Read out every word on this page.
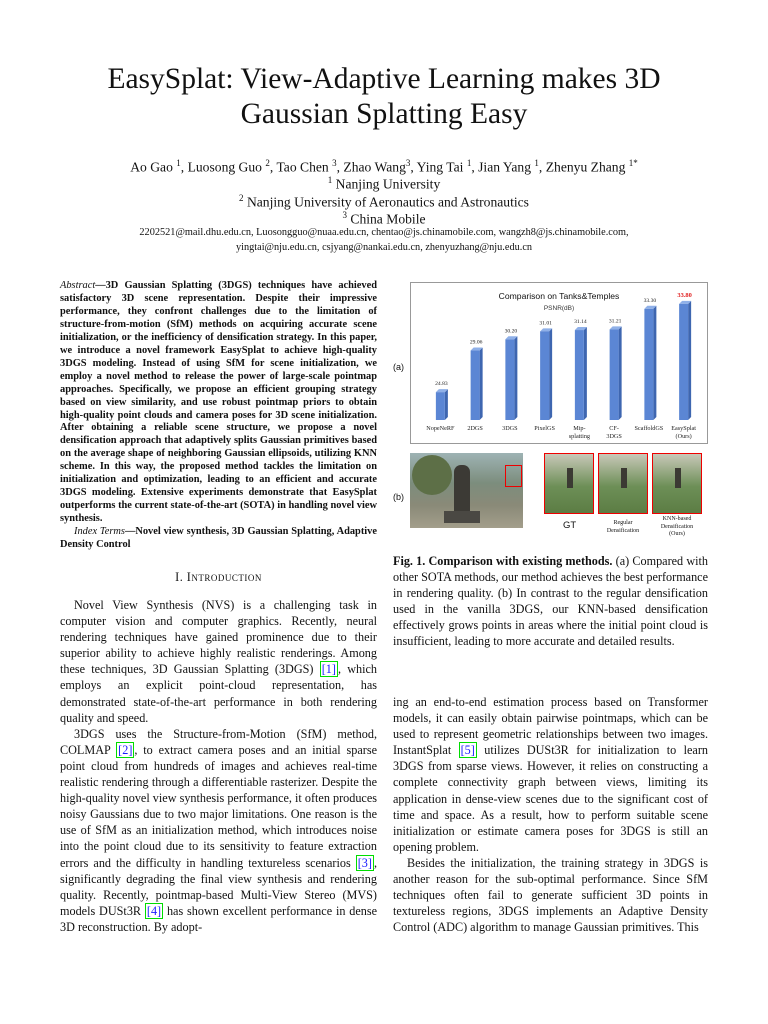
EasySplat: View-Adaptive Learning makes 3D
Gaussian Splatting Easy
Ao Gao $^1$, Luosong Guo $^2$, Tao Chen $^3$, Zhao Wang$^3$, Ying Tai $^1$, Jian Yang $^1$, Zhenyu Zhang $^{1*}$
$^1$ Nanjing University
$^2$ Nanjing University of Aeronautics and Astronautics
$^3$ China Mobile
2202521@mail.dhu.edu.cn, Luosongguo@nuaa.edu.cn, chentao@js.chinamobile.com, wangzh8@js.chinamobile.com,
yingtai@nju.edu.cn, csjyang@nankai.edu.cn, zhenyuzhang@nju.edu.cn

Abstract—3D Gaussian Splatting (3DGS) techniques have achieved satisfactory 3D scene representation. Despite their impressive performance, they confront challenges due to the limitation of structure-from-motion (SfM) methods on acquiring accurate scene initialization, or the inefficiency of densification strategy. In this paper, we introduce a novel framework EasySplat to achieve high-quality 3DGS modeling. Instead of using SfM for scene initialization, we employ a novel method to release the power of large-scale pointmap approaches. Specifically, we propose an efficient grouping strategy based on view similarity, and use robust pointmap priors to obtain high-quality point clouds and camera poses for 3D scene initialization. After obtaining a reliable scene structure, we propose a novel densification approach that adaptively splits Gaussian primitives based on the average shape of neighboring Gaussian ellipsoids, utilizing KNN scheme. In this way, the proposed method tackles the limitation on initialization and optimization, leading to an efficient and accurate 3DGS modeling. Extensive experiments demonstrate that EasySplat outperforms the current state-of-the-art (SOTA) in handling novel view synthesis.

Index Terms—Novel view synthesis, 3D Gaussian Splatting, Adaptive Density Control

I. Introduction

Novel View Synthesis (NVS) is a challenging task in computer vision and computer graphics. Recently, neural rendering techniques have gained prominence due to their superior ability to achieve highly realistic renderings. Among these techniques, 3D Gaussian Splatting (3DGS) [1] , which employs an explicit point-cloud representation, has demonstrated state-of-the-art performance in both rendering quality and speed.

3DGS uses the Structure-from-Motion (SfM) method, COLMAP [2] , to extract camera poses and an initial sparse point cloud from hundreds of images and achieves real-time realistic rendering through a differentiable rasterizer. Despite the high-quality novel view synthesis performance, it often produces noisy Gaussians due to two major limitations. One reason is the use of SfM as an initialization method, which introduces noise into the point cloud due to its sensitivity to feature extraction errors and the difficulty in handling textureless scenarios [3] , significantly degrading the final view synthesis and rendering quality. Recently, pointmap-based Multi-View Stereo (MVS) models DUSt3R [4] has shown excellent performance in dense 3D reconstruction. By adopt-

(a)
Comparison on Tanks&Temples
PSNR(dB)
24.83
NopeNeRF
29.06
2DGS
30.20
3DGS
31.01
PixelGS
31.14
Mip-
splatting
31.21
CF-
3DGS
33.30
ScaffoldGS
33.80
EasySplat
(Ours)
(b)
GT	Regular
Densification
KNN-based
Densification
(Ours)
Fig. 1. Comparison with existing methods. (a) Compared with other SOTA methods, our method achieves the best performance in rendering quality. (b) In contrast to the regular densification used in the vanilla 3DGS, our KNN-based densification effectively grows points in areas where the initial point cloud is insufficient, leading to more accurate and detailed results.

ing an end-to-end estimation process based on Transformer models, it can easily obtain pairwise pointmaps, which can be used to represent geometric relationships between two images. InstantSplat [5] utilizes DUSt3R for initialization to learn 3DGS from sparse views. However, it relies on constructing a complete connectivity graph between views, limiting its application in dense-view scenes due to the significant cost of time and space. As a result, how to perform suitable scene initialization or estimate camera poses for 3DGS is still an opening problem.

Besides the initialization, the training strategy in 3DGS is another reason for the sub-optimal performance. Since SfM techniques often fail to generate sufficient 3D points in textureless regions, 3DGS implements an Adaptive Density Control (ADC) algorithm to manage Gaussian primitives. This
